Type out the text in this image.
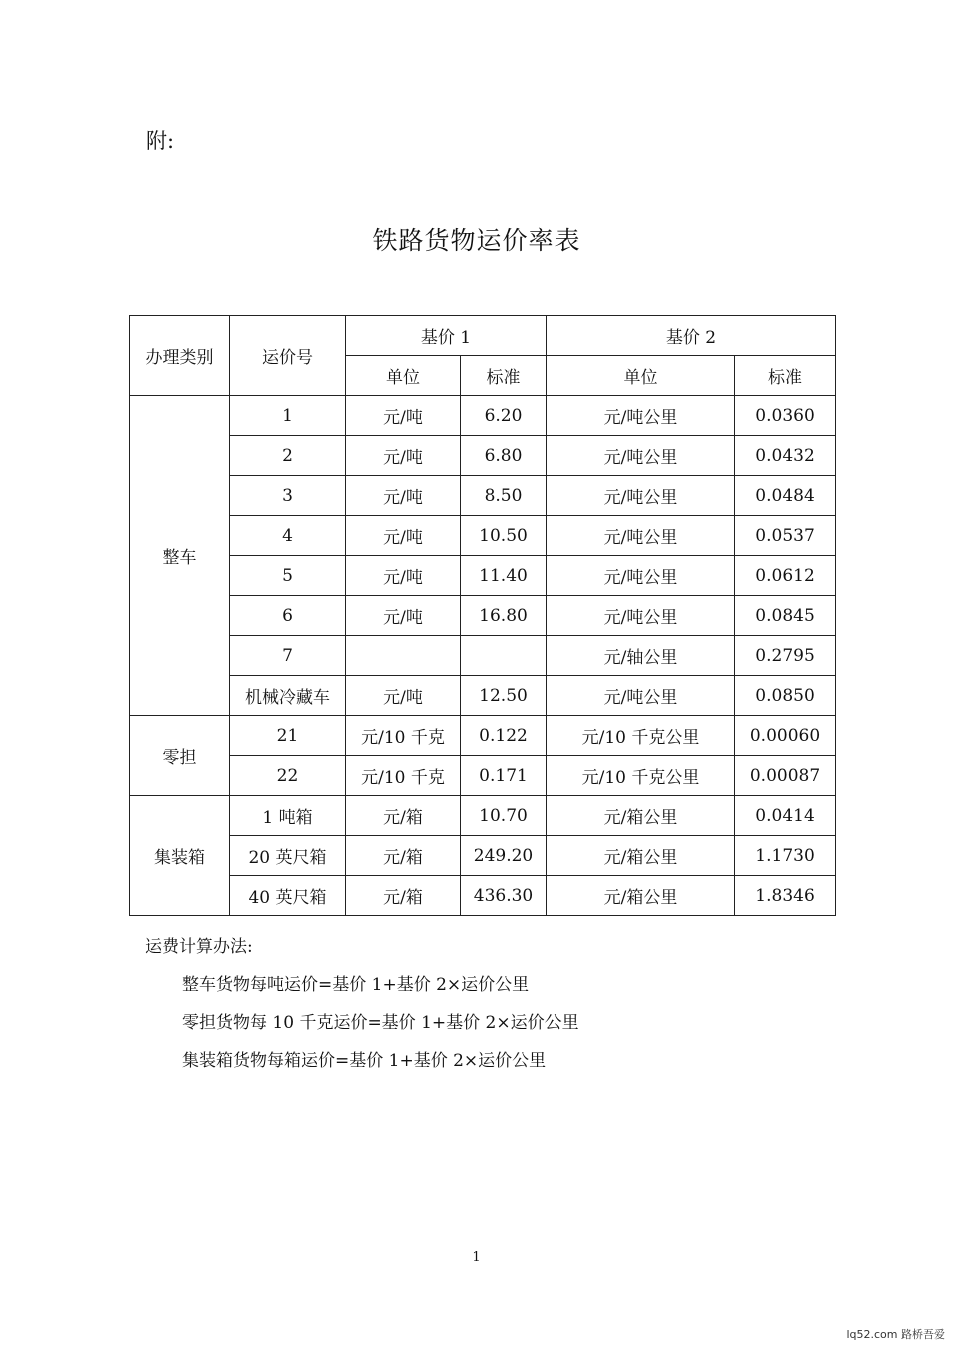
附:
铁路货物运价率表
办理类别	运价号	基价 1		基价 2	
		单位	标准	单位	标准
整车	1	元/吨	6.20	元/吨公里	0.0360
	2	元/吨	6.80	元/吨公里	0.0432
	3	元/吨	8.50	元/吨公里	0.0484
	4	元/吨	10.50	元/吨公里	0.0537
	5	元/吨	11.40	元/吨公里	0.0612
	6	元/吨	16.80	元/吨公里	0.0845
	7			元/轴公里	0.2795
	机械冷藏车	元/吨	12.50	元/吨公里	0.0850
零担	21	元/10 千克	0.122	元/10 千克公里	0.00060
	22	元/10 千克	0.171	元/10 千克公里	0.00087
集装箱	1 吨箱	元/箱	10.70	元/箱公里	0.0414
	20 英尺箱	元/箱	249.20	元/箱公里	1.1730
	40 英尺箱	元/箱	436.30	元/箱公里	1.8346
运费计算办法:
整车货物每吨运价=基价 1+基价 2×运价公里
零担货物每 10 千克运价=基价 1+基价 2×运价公里
集装箱货物每箱运价=基价 1+基价 2×运价公里
1
lq52.com 路桥吾爱
